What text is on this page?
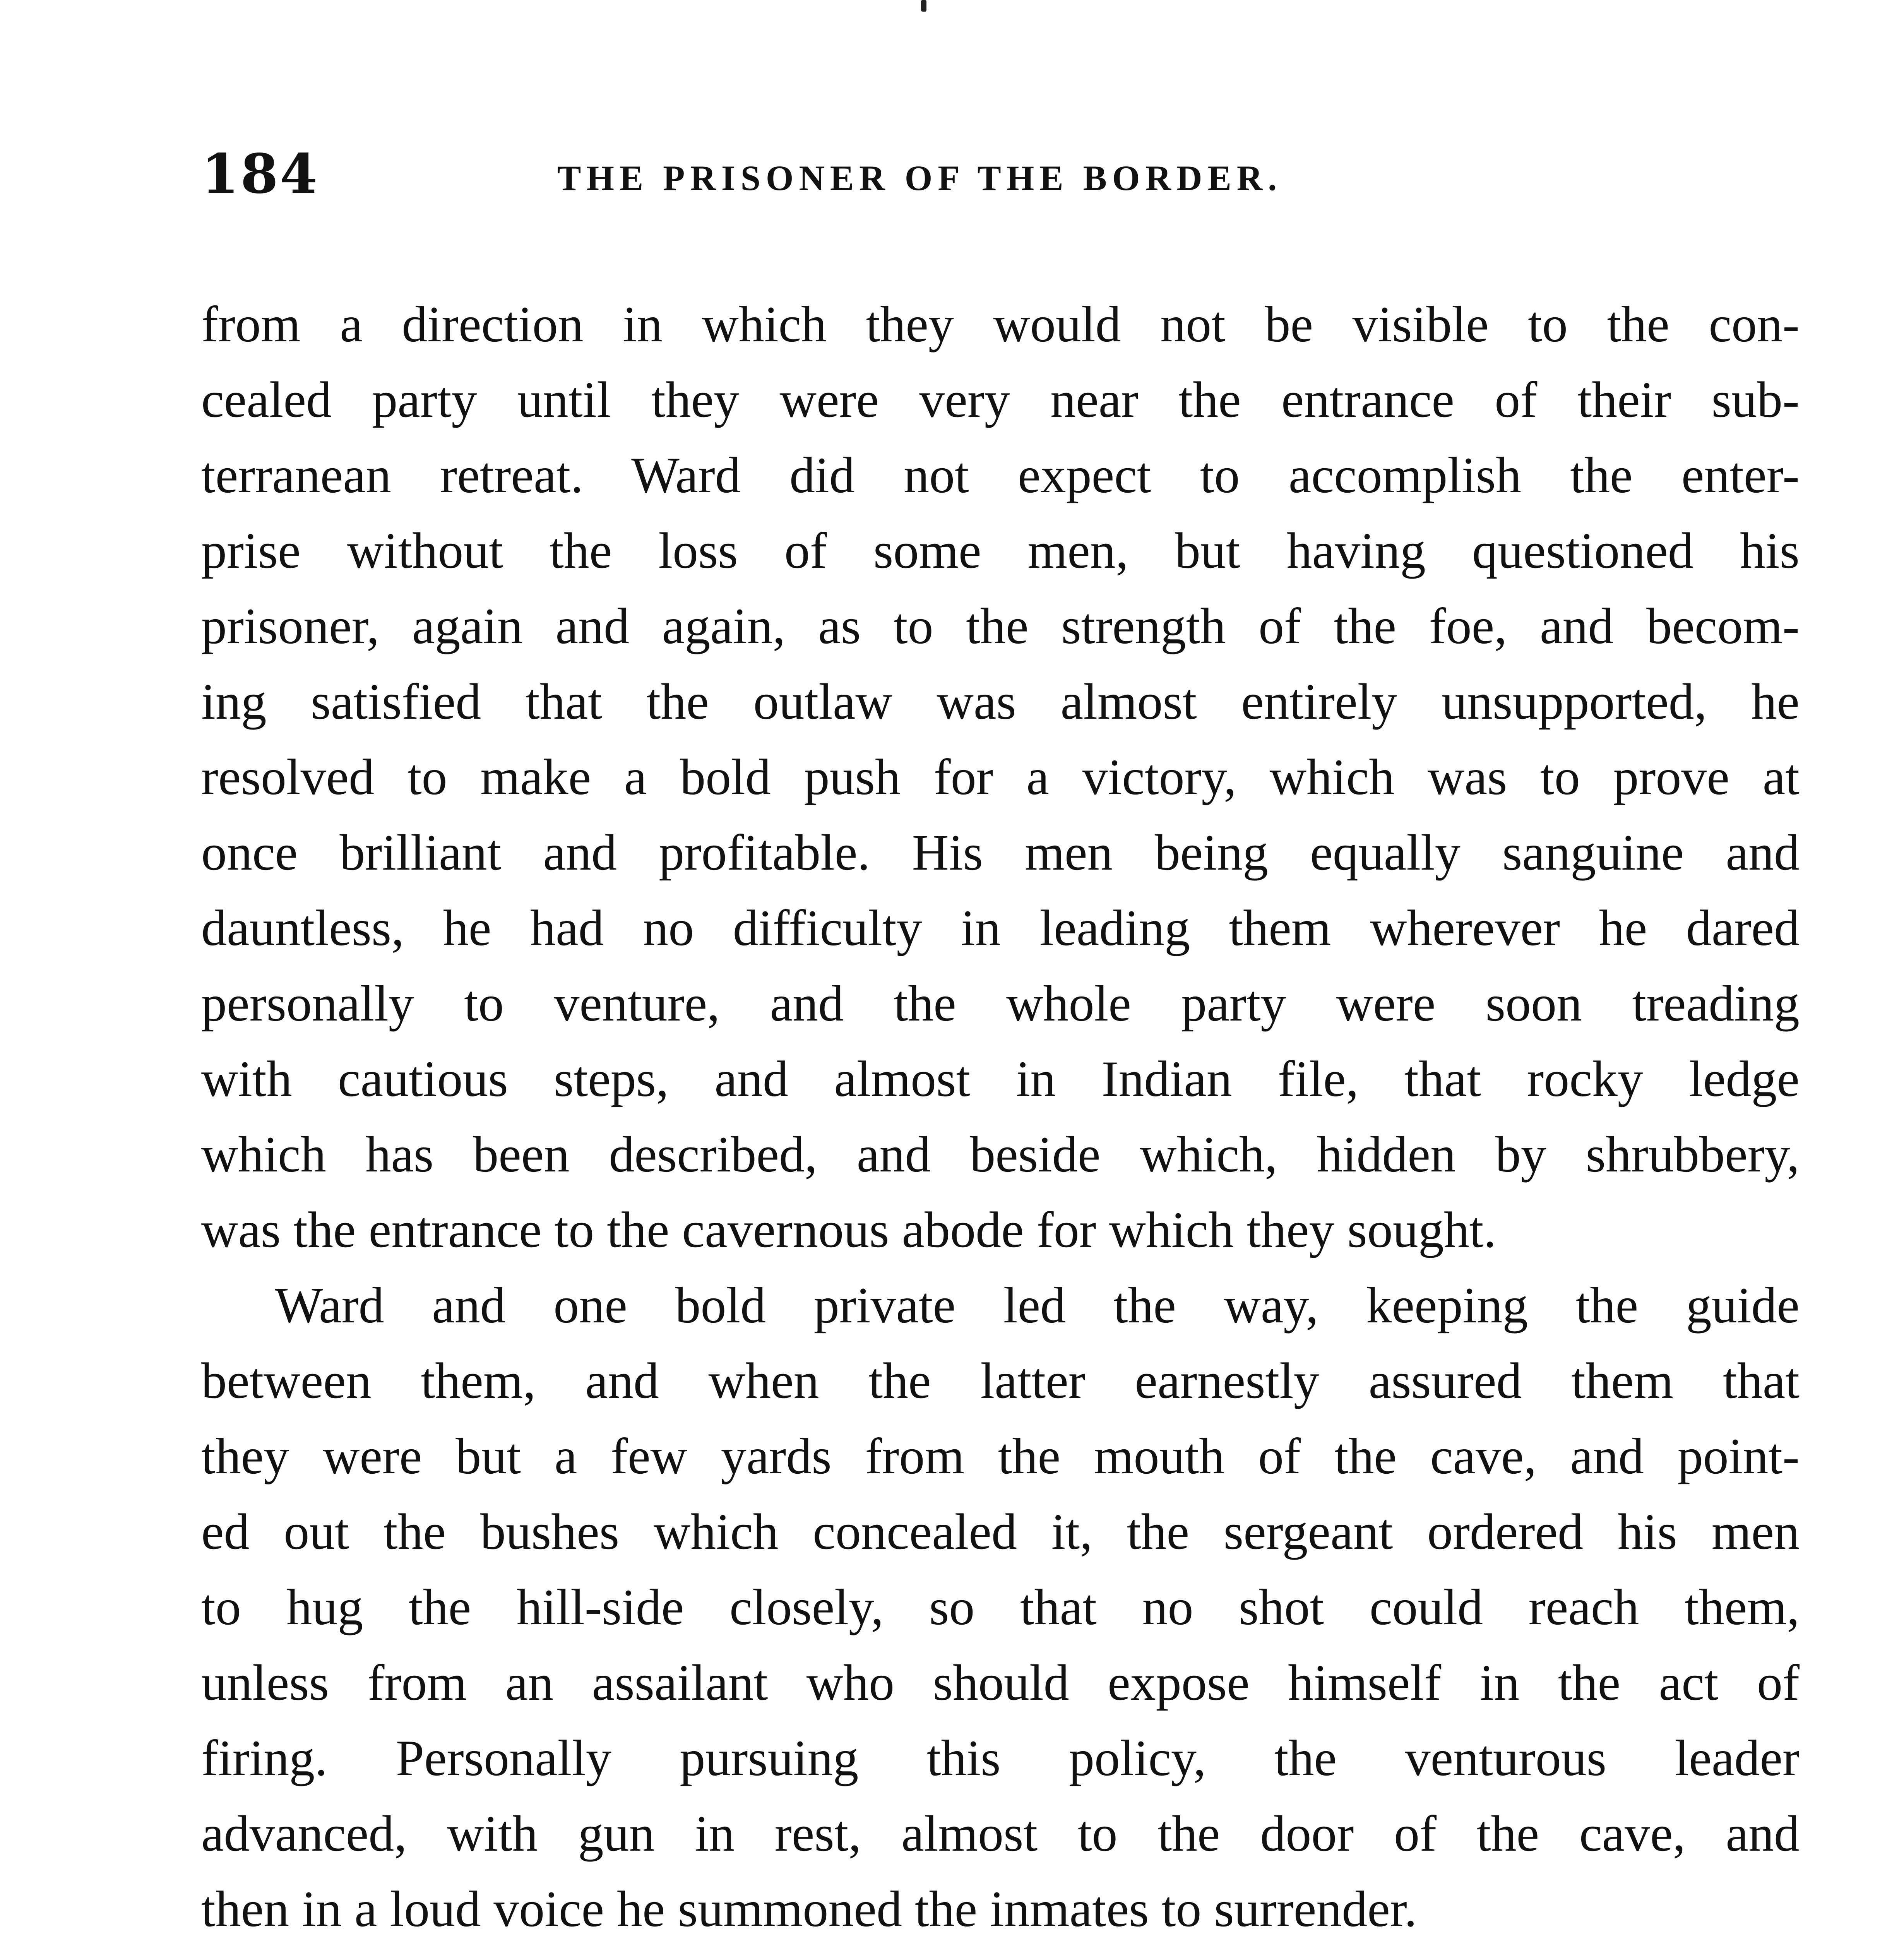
184	THE PRISONER OF THE BORDER.
from a direction in which they would not be visible to the con-
cealed party until they were very near the entrance of their sub-
terranean retreat. Ward did not expect to accomplish the enter-
prise without the loss of some men, but having questioned his
prisoner, again and again, as to the strength of the foe, and becom-
ing satisfied that the outlaw was almost entirely unsupported, he
resolved to make a bold push for a victory, which was to prove at
once brilliant and profitable. His men being equally sanguine and
dauntless, he had no difficulty in leading them wherever he dared
personally to venture, and the whole party were soon treading
with cautious steps, and almost in Indian file, that rocky ledge
which has been described, and beside which, hidden by shrubbery,
was the entrance to the cavernous abode for which they sought.
Ward and one bold private led the way, keeping the guide
between them, and when the latter earnestly assured them that
they were but a few yards from the mouth of the cave, and point-
ed out the bushes which concealed it, the sergeant ordered his men
to hug the hill-side closely, so that no shot could reach them,
unless from an assailant who should expose himself in the act of
firing. Personally pursuing this policy, the venturous leader
advanced, with gun in rest, almost to the door of the cave, and
then in a loud voice he summoned the inmates to surrender.
